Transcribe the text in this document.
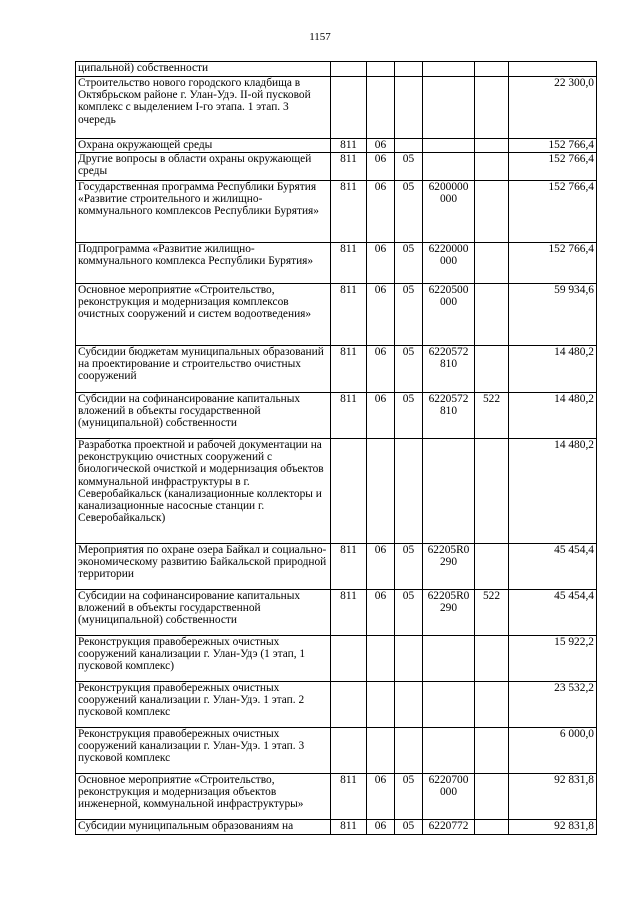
1157
ципальной) собственности						
Строительство нового городского кладбища в Октябрьском районе г. Улан-Удэ. II-ой пусковой комплекс с выделением I-го этапа. 1 этап. 3 очередь						22 300,0
Охрана окружающей среды	811	06				152 766,4
Другие вопросы в области охраны окружающей среды	811	06	05			152 766,4
Государственная программа Республики Бурятия «Развитие строительного и жилищно-коммунального комплексов Республики Бурятия»	811	06	05	6200000 000		152 766,4
Подпрограмма «Развитие жилищно-коммунального комплекса Республики Бурятия»	811	06	05	6220000 000		152 766,4
Основное мероприятие «Строительство, реконструкция и модернизация комплексов очистных сооружений и систем водоотведения»	811	06	05	6220500 000		59 934,6
Субсидии бюджетам муниципальных образований на проектирование и строительство очистных сооружений	811	06	05	6220572 810		14 480,2
Субсидии на софинансирование капитальных вложений в объекты государственной (муниципальной) собственности	811	06	05	6220572 810	522	14 480,2
Разработка проектной и рабочей документации на реконструкцию очистных сооружений с биологической очисткой и модернизация объектов коммунальной инфраструктуры в г. Северобайкальск (канализационные коллекторы и канализационные насосные станции г. Северобайкальск)						14 480,2
Мероприятия по охране озера Байкал и социально-экономическому развитию Байкальской природной территории	811	06	05	62205R0 290		45 454,4
Субсидии на софинансирование капитальных вложений в объекты государственной (муниципальной) собственности	811	06	05	62205R0 290	522	45 454,4
Реконструкция правобережных очистных сооружений канализации г. Улан-Удэ (1 этап, 1 пусковой комплекс)						15 922,2
Реконструкция правобережных очистных сооружений канализации г. Улан-Удэ. 1 этап. 2 пусковой комплекс						23 532,2
Реконструкция правобережных очистных сооружений канализации г. Улан-Удэ. 1 этап. 3 пусковой комплекс						6 000,0
Основное мероприятие «Строительство, реконструкция и модернизация объектов инженерной, коммунальной инфраструктуры»	811	06	05	6220700 000		92 831,8
Субсидии муниципальным образованиям на	811	06	05	6220772		92 831,8
